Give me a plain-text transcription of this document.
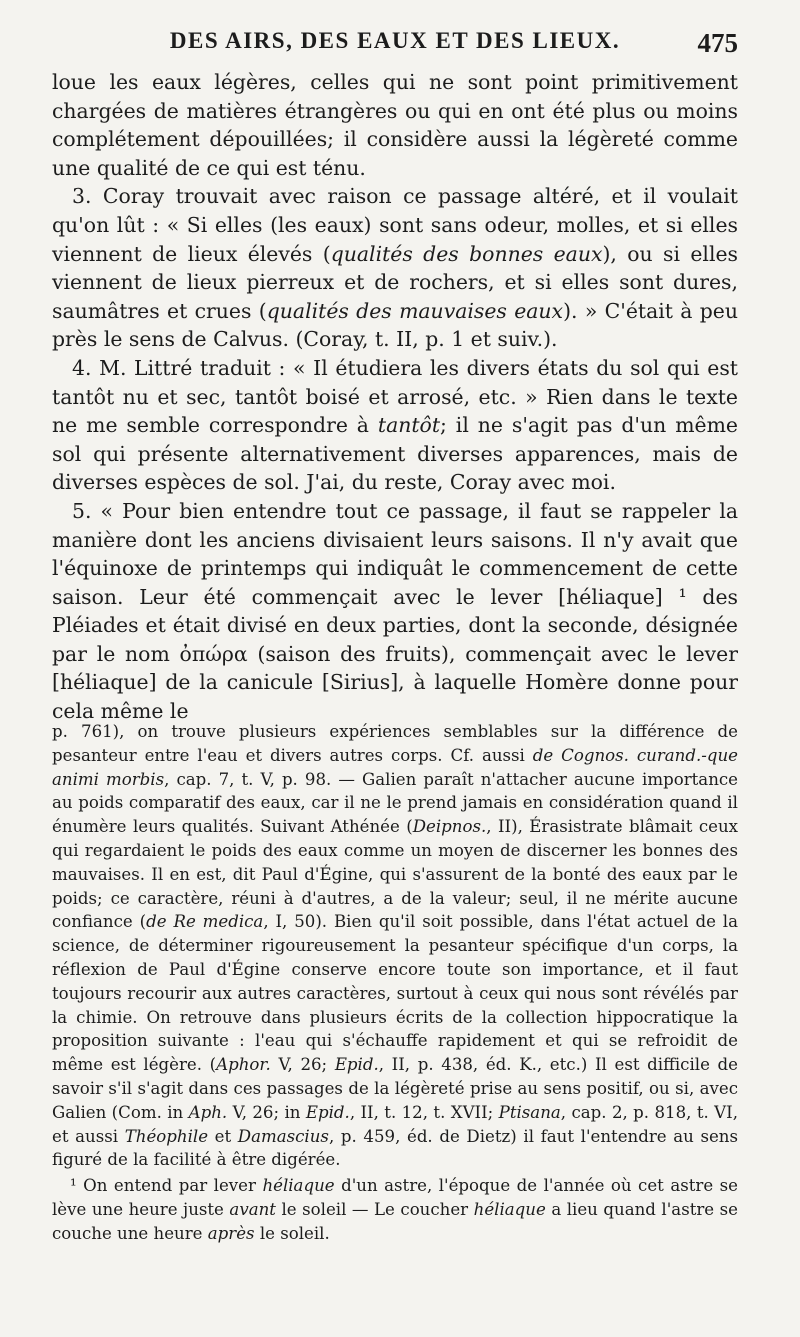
DES AIRS, DES EAUX ET DES LIEUX.	475

loue les eaux légères, celles qui ne sont point primitivement chargées de matières étrangères ou qui en ont été plus ou moins complétement dépouillées; il considère aussi la légèreté comme une qualité de ce qui est ténu.

3. Coray trouvait avec raison ce passage altéré, et il voulait qu'on lût : « Si elles (les eaux) sont sans odeur, molles, et si elles viennent de lieux élevés (qualités des bonnes eaux), ou si elles viennent de lieux pierreux et de rochers, et si elles sont dures, saumâtres et crues (qualités des mauvaises eaux). » C'était à peu près le sens de Calvus. (Coray, t. II, p. 1 et suiv.).

4. M. Littré traduit : « Il étudiera les divers états du sol qui est tantôt nu et sec, tantôt boisé et arrosé, etc. » Rien dans le texte ne me semble correspondre à tantôt; il ne s'agit pas d'un même sol qui présente alternativement diverses apparences, mais de diverses espèces de sol. J'ai, du reste, Coray avec moi.

5. « Pour bien entendre tout ce passage, il faut se rappeler la manière dont les anciens divisaient leurs saisons. Il n'y avait que l'équinoxe de printemps qui indiquât le commencement de cette saison. Leur été commençait avec le lever [héliaque] ¹ des Pléiades et était divisé en deux parties, dont la seconde, désignée par le nom ὀπώρα (saison des fruits), commençait avec le lever [héliaque] de la canicule [Sirius], à laquelle Homère donne pour cela même le

p. 761), on trouve plusieurs expériences semblables sur la différence de pesanteur entre l'eau et divers autres corps. Cf. aussi de Cognos. curand.-que animi morbis, cap. 7, t. V, p. 98. — Galien paraît n'attacher aucune importance au poids comparatif des eaux, car il ne le prend jamais en considération quand il énumère leurs qualités. Suivant Athénée (Deipnos., II), Érasistrate blâmait ceux qui regardaient le poids des eaux comme un moyen de discerner les bonnes des mauvaises. Il en est, dit Paul d'Égine, qui s'assurent de la bonté des eaux par le poids; ce caractère, réuni à d'autres, a de la valeur; seul, il ne mérite aucune confiance (de Re medica, I, 50). Bien qu'il soit possible, dans l'état actuel de la science, de déterminer rigoureusement la pesanteur spécifique d'un corps, la réflexion de Paul d'Égine conserve encore toute son importance, et il faut toujours recourir aux autres caractères, surtout à ceux qui nous sont révélés par la chimie. On retrouve dans plusieurs écrits de la collection hippocratique la proposition suivante : l'eau qui s'échauffe rapidement et qui se refroidit de même est légère. (Aphor. V, 26; Epid., II, p. 438, éd. K., etc.) Il est difficile de savoir s'il s'agit dans ces passages de la légèreté prise au sens positif, ou si, avec Galien (Com. in Aph. V, 26; in Epid., II, t. 12, t. XVII; Ptisana, cap. 2, p. 818, t. VI, et aussi Théophile et Damascius, p. 459, éd. de Dietz) il faut l'entendre au sens figuré de la facilité à être digérée.

¹ On entend par lever héliaque d'un astre, l'époque de l'année où cet astre se lève une heure juste avant le soleil — Le coucher héliaque a lieu quand l'astre se couche une heure après le soleil.
